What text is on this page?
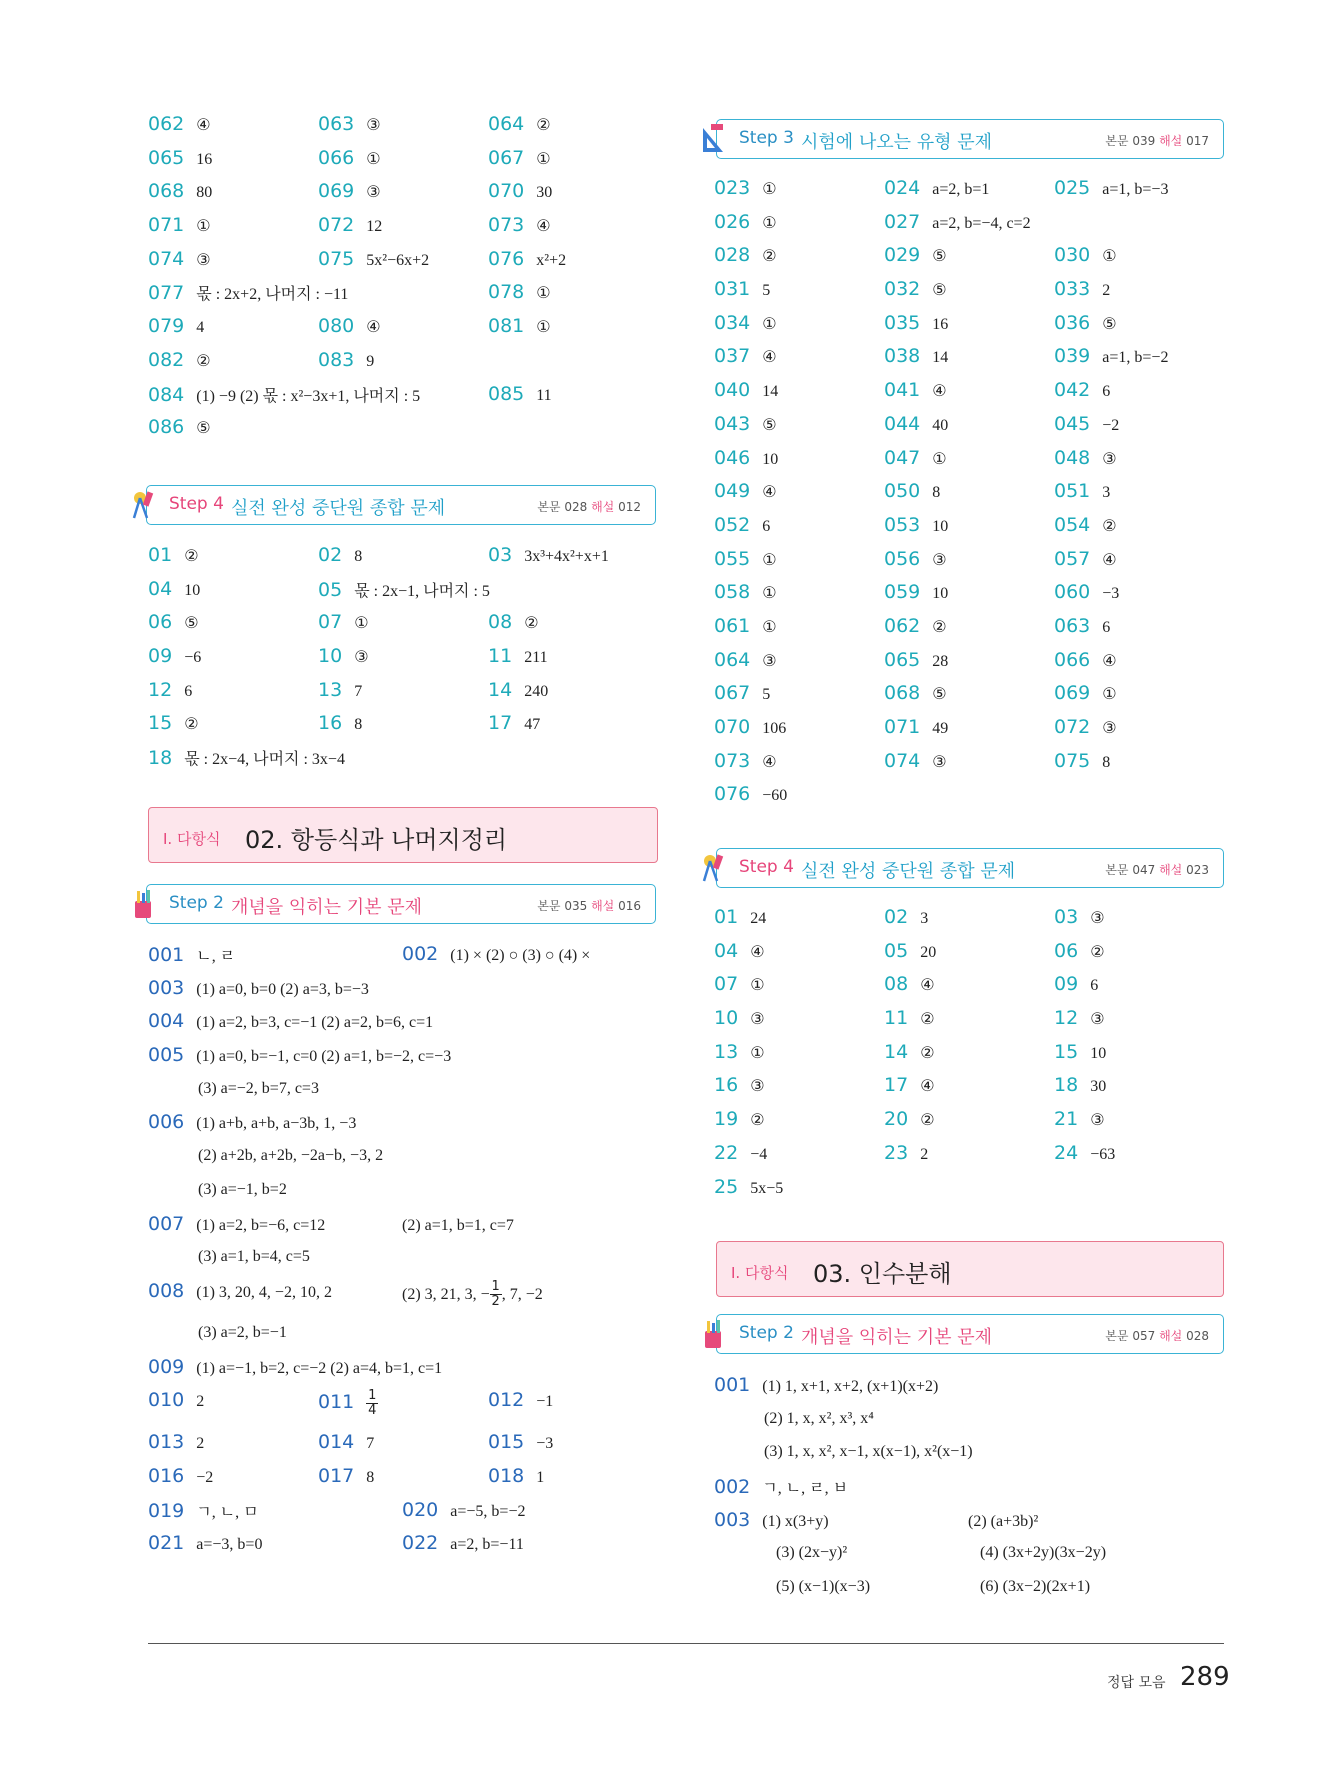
062 ④	063 ③	064 ②
065 16	066 ①	067 ①
068 80	069 ③	070 30
071 ①	072 12	073 ④
074 ③	075 5x²−6x+2	076 x²+2
077 몫 : 2x+2, 나머지 : −11	078 ①
079 4	080 ④	081 ①
082 ②	083 9
084 (1) −9 (2) 몫 : x²−3x+1, 나머지 : 5	085 11
086 ⑤
Step 4 실전 완성 중단원 종합 문제	본문 028 해설 012
01 ②	02 8	03 3x³+4x²+x+1
04 10	05 몫 : 2x−1, 나머지 : 5
06 ⑤	07 ①	08 ②
09 −6	10 ③	11 211
12 6	13 7	14 240
15 ②	16 8	17 47
18 몫 : 2x−4, 나머지 : 3x−4
Ⅰ. 다항식 02. 항등식과 나머지정리
Step 2 개념을 익히는 기본 문제	본문 035 해설 016
001 ㄴ, ㄹ	002 (1) × (2) ○ (3) ○ (4) ×
003 (1) a=0, b=0 (2) a=3, b=−3
004 (1) a=2, b=3, c=−1 (2) a=2, b=6, c=1
005 (1) a=0, b=−1, c=0 (2) a=1, b=−2, c=−3
(3) a=−2, b=7, c=3
006 (1) a+b, a+b, a−3b, 1, −3
(2) a+2b, a+2b, −2a−b, −3, 2
(3) a=−1, b=2
007 (1) a=2, b=−6, c=12	(2) a=1, b=1, c=7
(3) a=1, b=4, c=5
008 (1) 3, 20, 4, −2, 10, 2	(2) 3, 21, 3, − $\frac{1}{2}$ , 7, −2
(3) a=2, b=−1
009 (1) a=−1, b=2, c=−2 (2) a=4, b=1, c=1
010 2	$011 \frac{1}{4}$	012 −1
013 2	014 7	015 −3
016 −2	017 8	018 1
019 ㄱ, ㄴ, ㅁ	020 a=−5, b=−2
021 a=−3, b=0	022 a=2, b=−11
Step 3 시험에 나오는 유형 문제	본문 039 해설 017
023 ①	024 a=2, b=1	025 a=1, b=−3
026 ①	027 a=2, b=−4, c=2
028 ②	029 ⑤	030 ①
031 5	032 ⑤	033 2
034 ①	035 16	036 ⑤
037 ④	038 14	039 a=1, b=−2
040 14	041 ④	042 6
043 ⑤	044 40	045 −2
046 10	047 ①	048 ③
049 ④	050 8	051 3
052 6	053 10	054 ②
055 ①	056 ③	057 ④
058 ①	059 10	060 −3
061 ①	062 ②	063 6
064 ③	065 28	066 ④
067 5	068 ⑤	069 ①
070 106	071 49	072 ③
073 ④	074 ③	075 8
076 −60
Step 4 실전 완성 중단원 종합 문제	본문 047 해설 023
01 24	02 3	03 ③
04 ④	05 20	06 ②
07 ①	08 ④	09 6
10 ③	11 ②	12 ③
13 ①	14 ②	15 10
16 ③	17 ④	18 30
19 ②	20 ②	21 ③
22 −4	23 2	24 −63
25 5x−5
Ⅰ. 다항식 03. 인수분해
Step 2 개념을 익히는 기본 문제	본문 057 해설 028
001 (1) 1, x+1, x+2, (x+1)(x+2)
(2) 1, x, x², x³, x⁴
(3) 1, x, x², x−1, x(x−1), x²(x−1)
002 ㄱ, ㄴ, ㄹ, ㅂ
003 (1) x(3+y)	(2) (a+3b)²
(3) (2x−y)²	(4) (3x+2y)(3x−2y)
(5) (x−1)(x−3)	(6) (3x−2)(2x+1)
정답 모음 289
